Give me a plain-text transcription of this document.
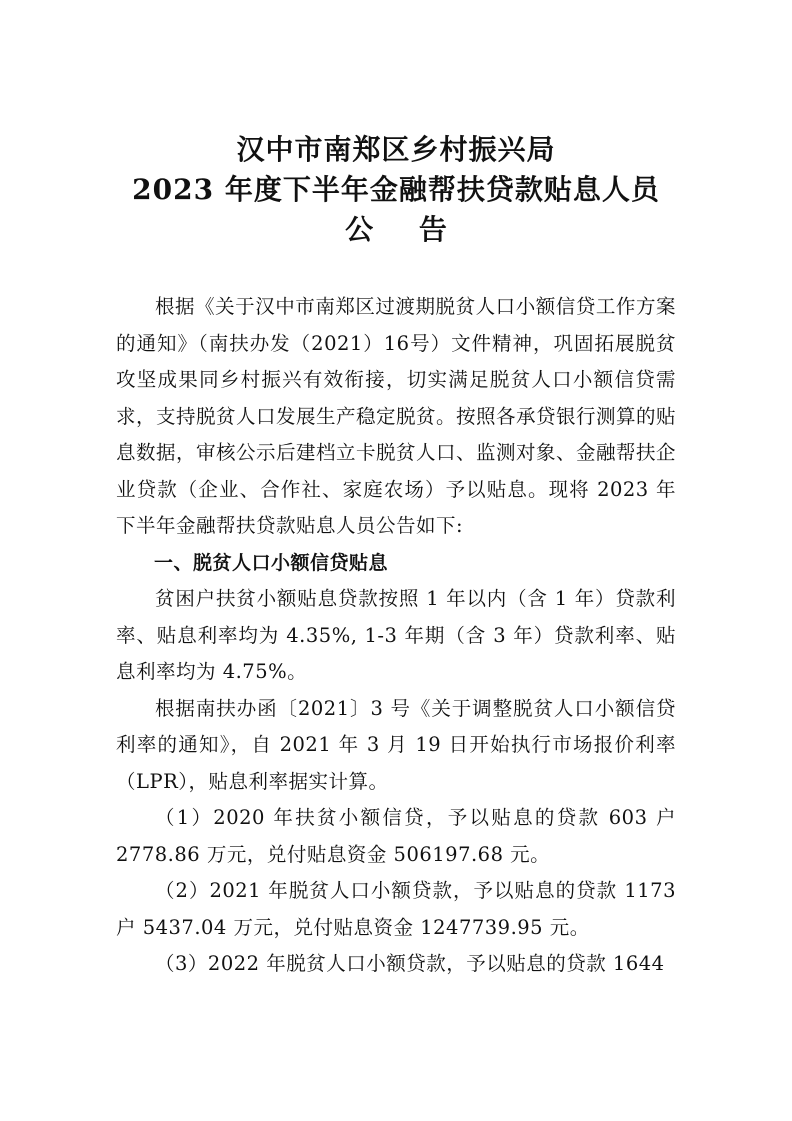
汉中市南郑区乡村振兴局
2023 年度下半年金融帮扶贷款贴息人员
公 告

根据《关于汉中市南郑区过渡期脱贫人口小额信贷工作方案的通知》（南扶办发（2021）16号）文件精神，巩固拓展脱贫攻坚成果同乡村振兴有效衔接，切实满足脱贫人口小额信贷需求，支持脱贫人口发展生产稳定脱贫。按照各承贷银行测算的贴息数据，审核公示后建档立卡脱贫人口、监测对象、金融帮扶企业贷款（企业、合作社、家庭农场）予以贴息。现将 2023 年下半年金融帮扶贷款贴息人员公告如下:

一、脱贫人口小额信贷贴息

贫困户扶贫小额贴息贷款按照 1 年以内（含 1 年）贷款利率、贴息利率均为 4.35%, 1-3 年期（含 3 年）贷款利率、贴息利率均为 4.75%。

根据南扶办函〔2021〕3 号《关于调整脱贫人口小额信贷利率的通知》，自 2021 年 3 月 19 日开始执行市场报价利率（LPR），贴息利率据实计算。

（1）2020 年扶贫小额信贷，予以贴息的贷款 603 户 2778.86 万元，兑付贴息资金 506197.68 元。

（2）2021 年脱贫人口小额贷款，予以贴息的贷款 1173 户 5437.04 万元，兑付贴息资金 1247739.95 元。

（3）2022 年脱贫人口小额贷款，予以贴息的贷款 1644
